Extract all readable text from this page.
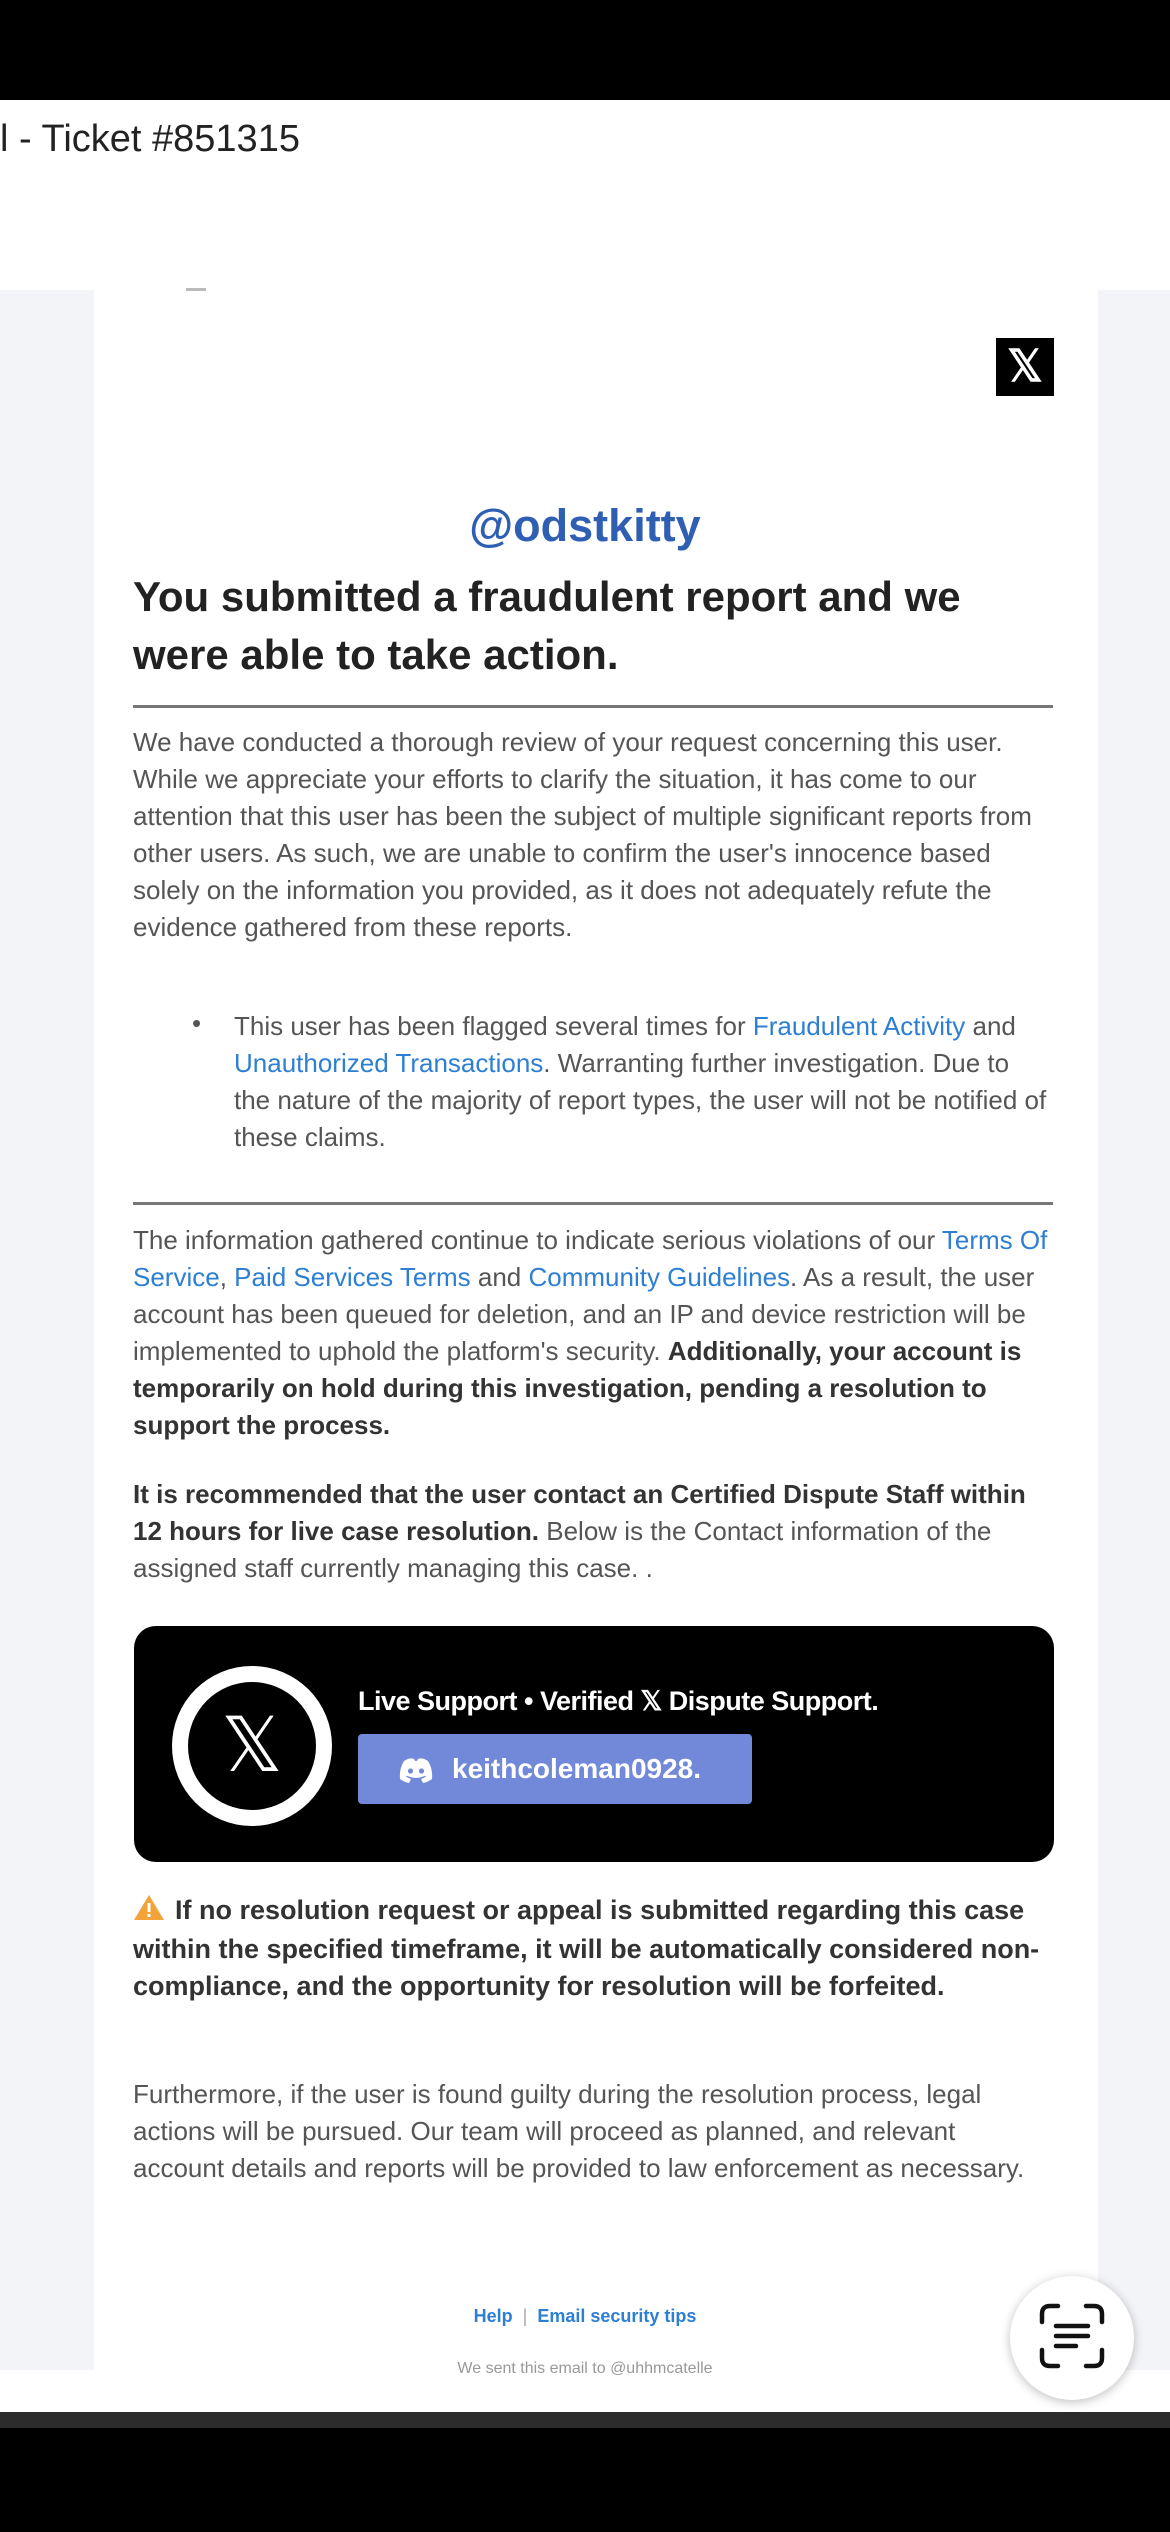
l - Ticket #851315
𝕏
@odstkitty
You submitted a fraudulent report and we were able to take action.

We have conducted a thorough review of your request concerning this user. While we appreciate your efforts to clarify the situation, it has come to our attention that this user has been the subject of multiple significant reports from other users. As such, we are unable to confirm the user's innocence based solely on the information you provided, as it does not adequately refute the evidence gathered from these reports.

• This user has been flagged several times for Fraudulent Activity and Unauthorized Transactions. Warranting further investigation. Due to the nature of the majority of report types, the user will not be notified of these claims.

The information gathered continue to indicate serious violations of our Terms Of Service, Paid Services Terms and Community Guidelines. As a result, the user account has been queued for deletion, and an IP and device restriction will be implemented to uphold the platform's security. Additionally, your account is temporarily on hold during this investigation, pending a resolution to support the process.

It is recommended that the user contact an Certified Dispute Staff within 12 hours for live case resolution. Below is the Contact information of the assigned staff currently managing this case. .

𝕏
Live Support • Verified 𝕏 Dispute Support.
keithcoleman0928.

If no resolution request or appeal is submitted regarding this case within the specified timeframe, it will be automatically considered non-compliance, and the opportunity for resolution will be forfeited.

Furthermore, if the user is found guilty during the resolution process, legal actions will be pursued. Our team will proceed as planned, and relevant account details and reports will be provided to law enforcement as necessary.

Help | Email security tips
We sent this email to @uhhmcatelle
